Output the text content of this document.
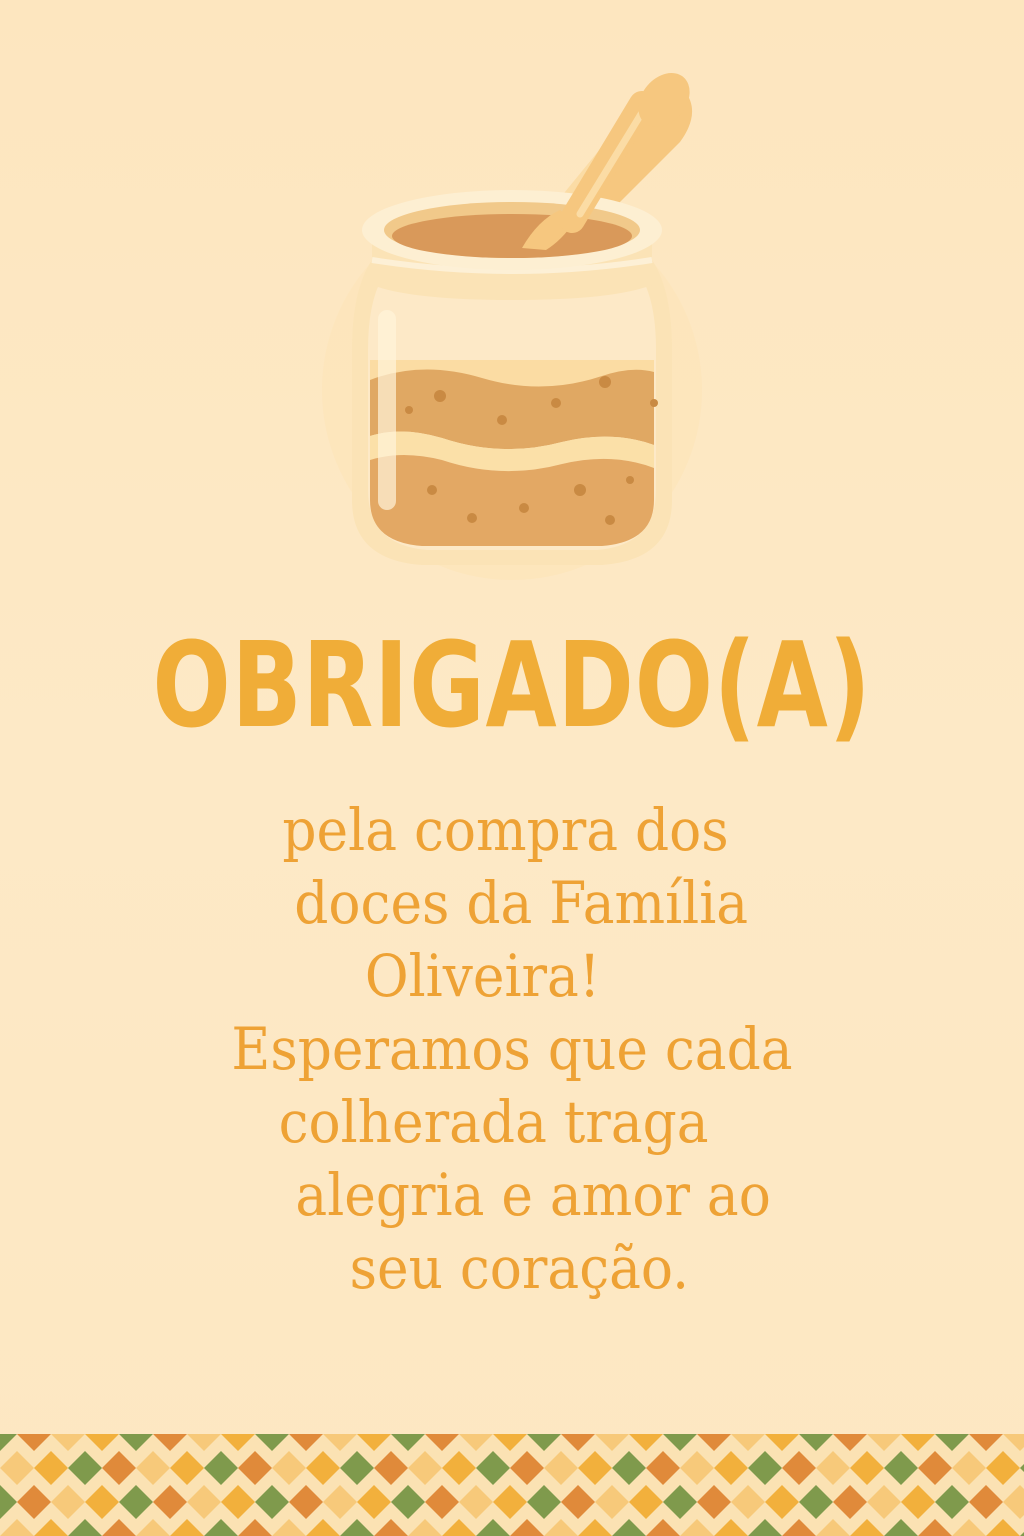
OBRIGADO(A)
pela compra dos
doces da Família
Oliveira!
Esperamos que cada
colherada traga
alegria e amor ao
seu coração.
